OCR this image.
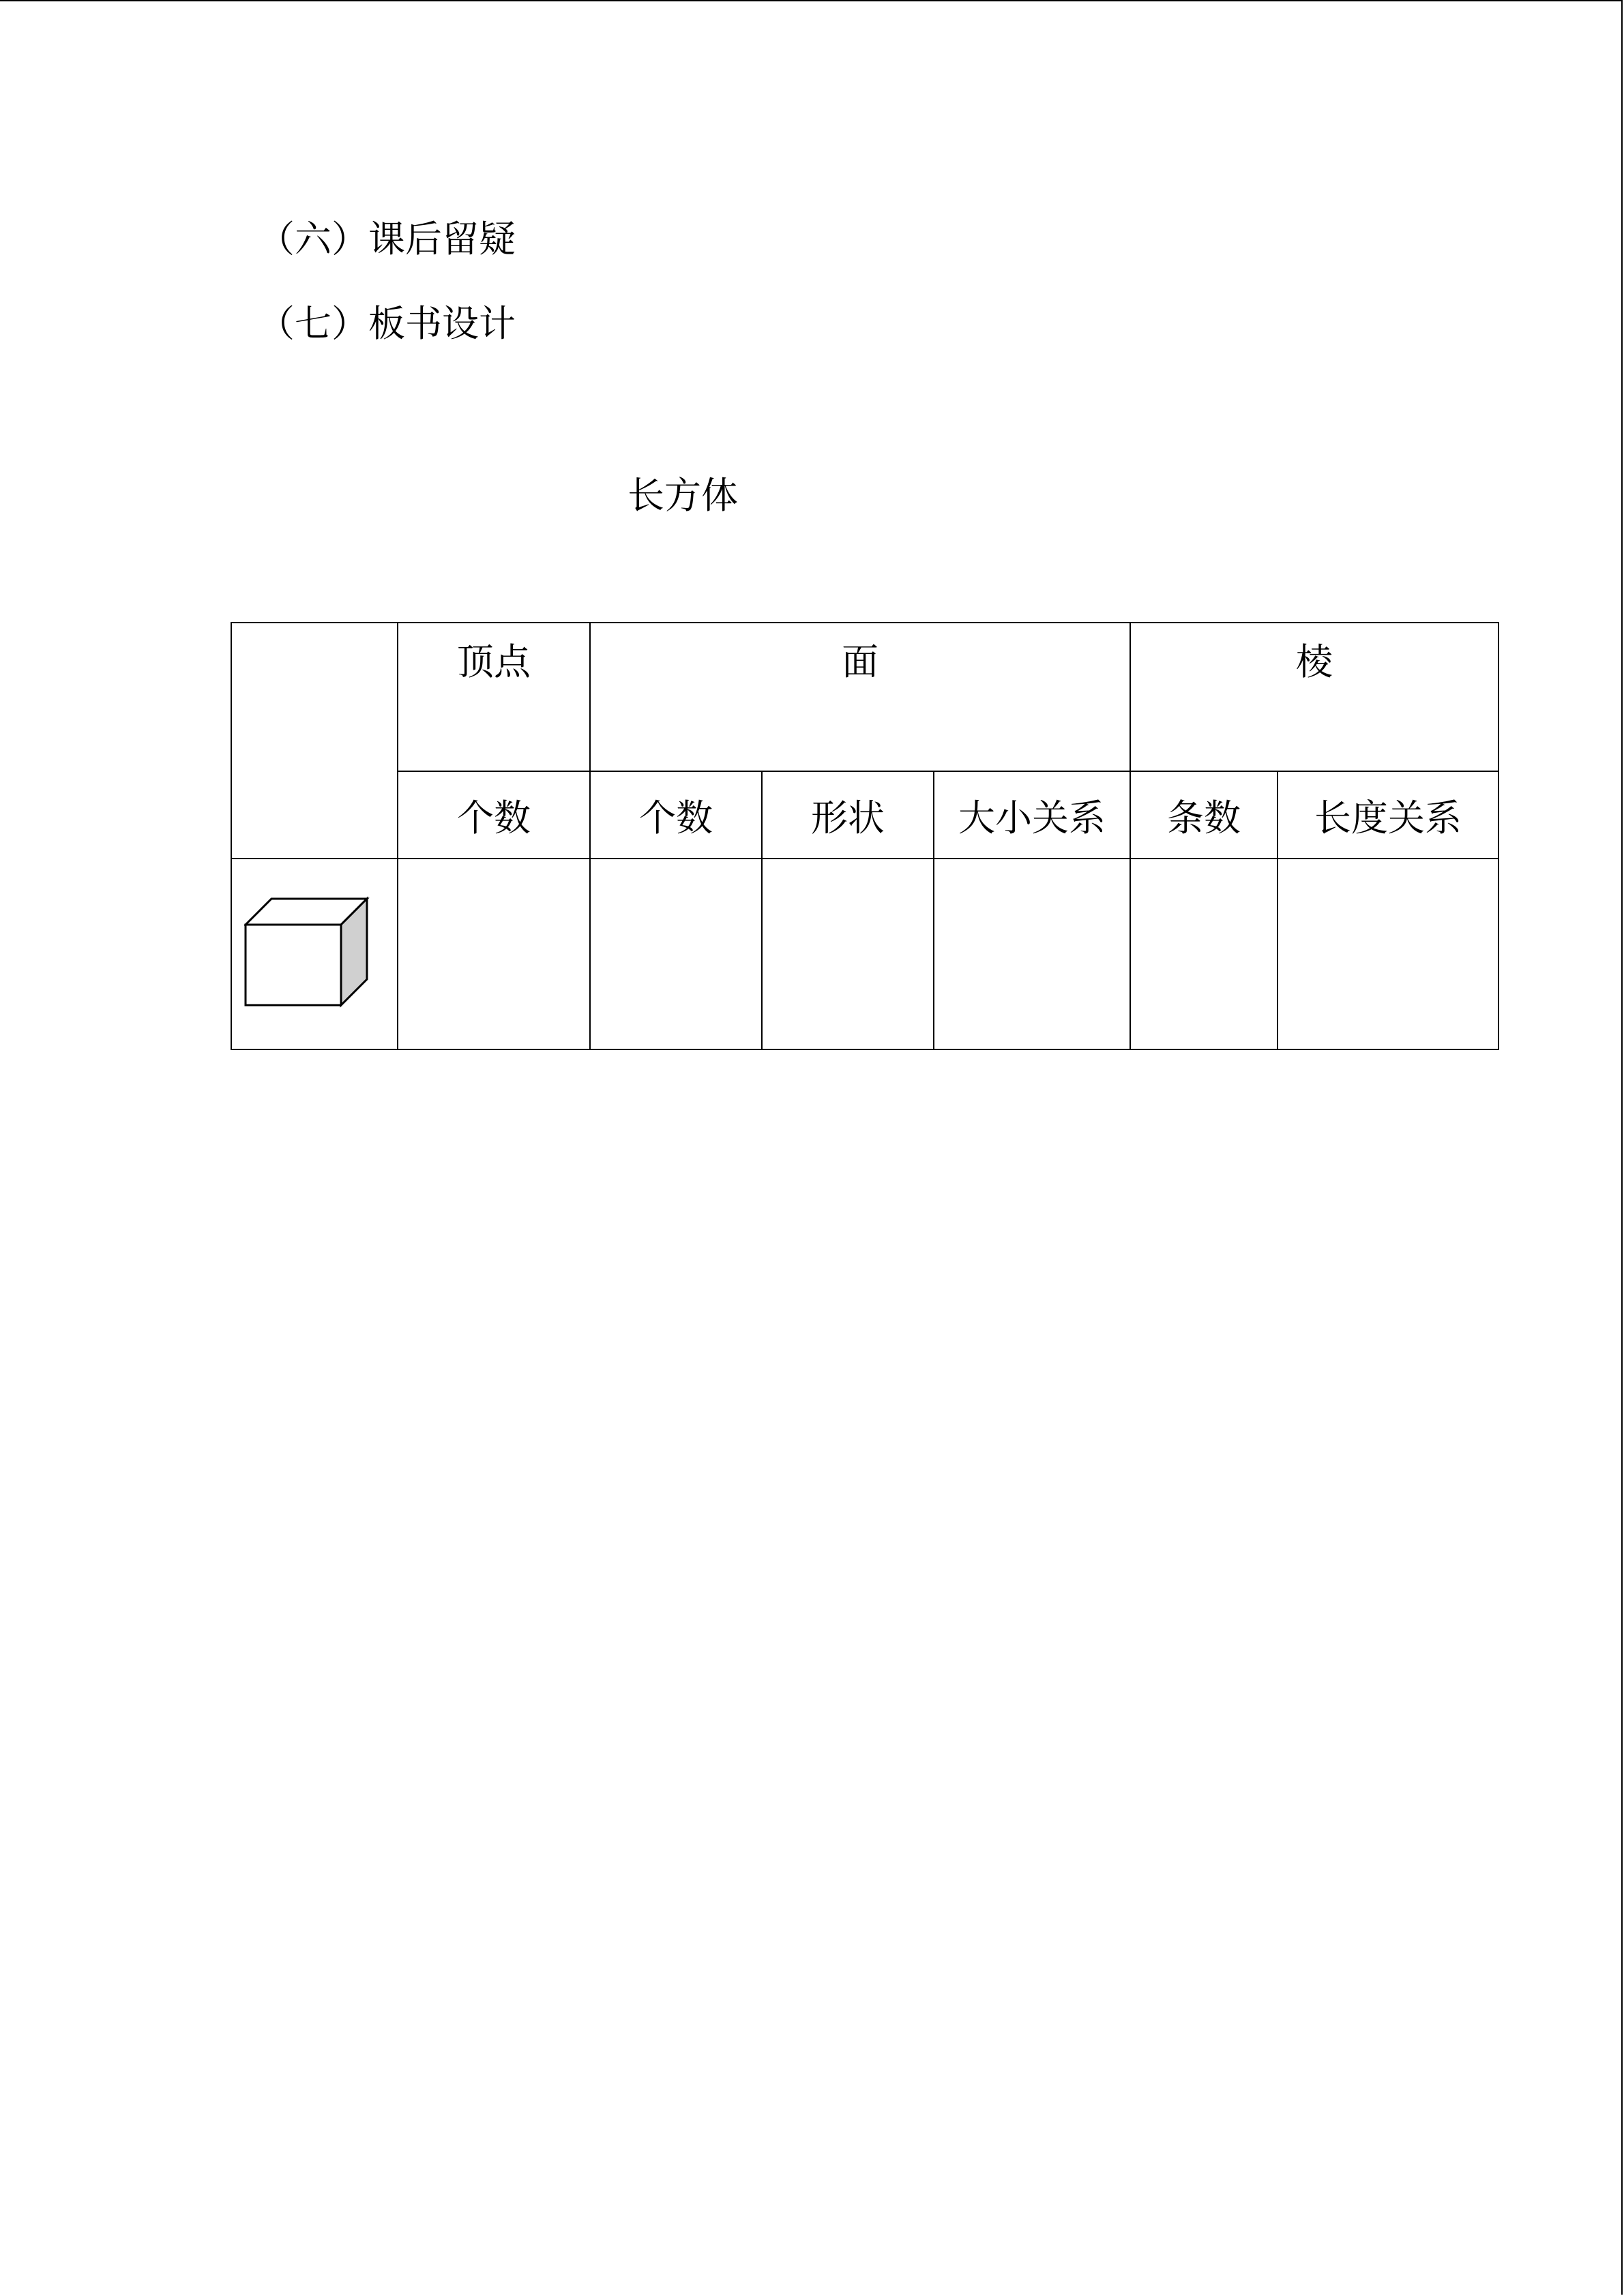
（六）课后留疑
（七）板书设计
长方体

	顶点	面			棱	

	个数	个数	形状	大小关系	条数	长度关系
